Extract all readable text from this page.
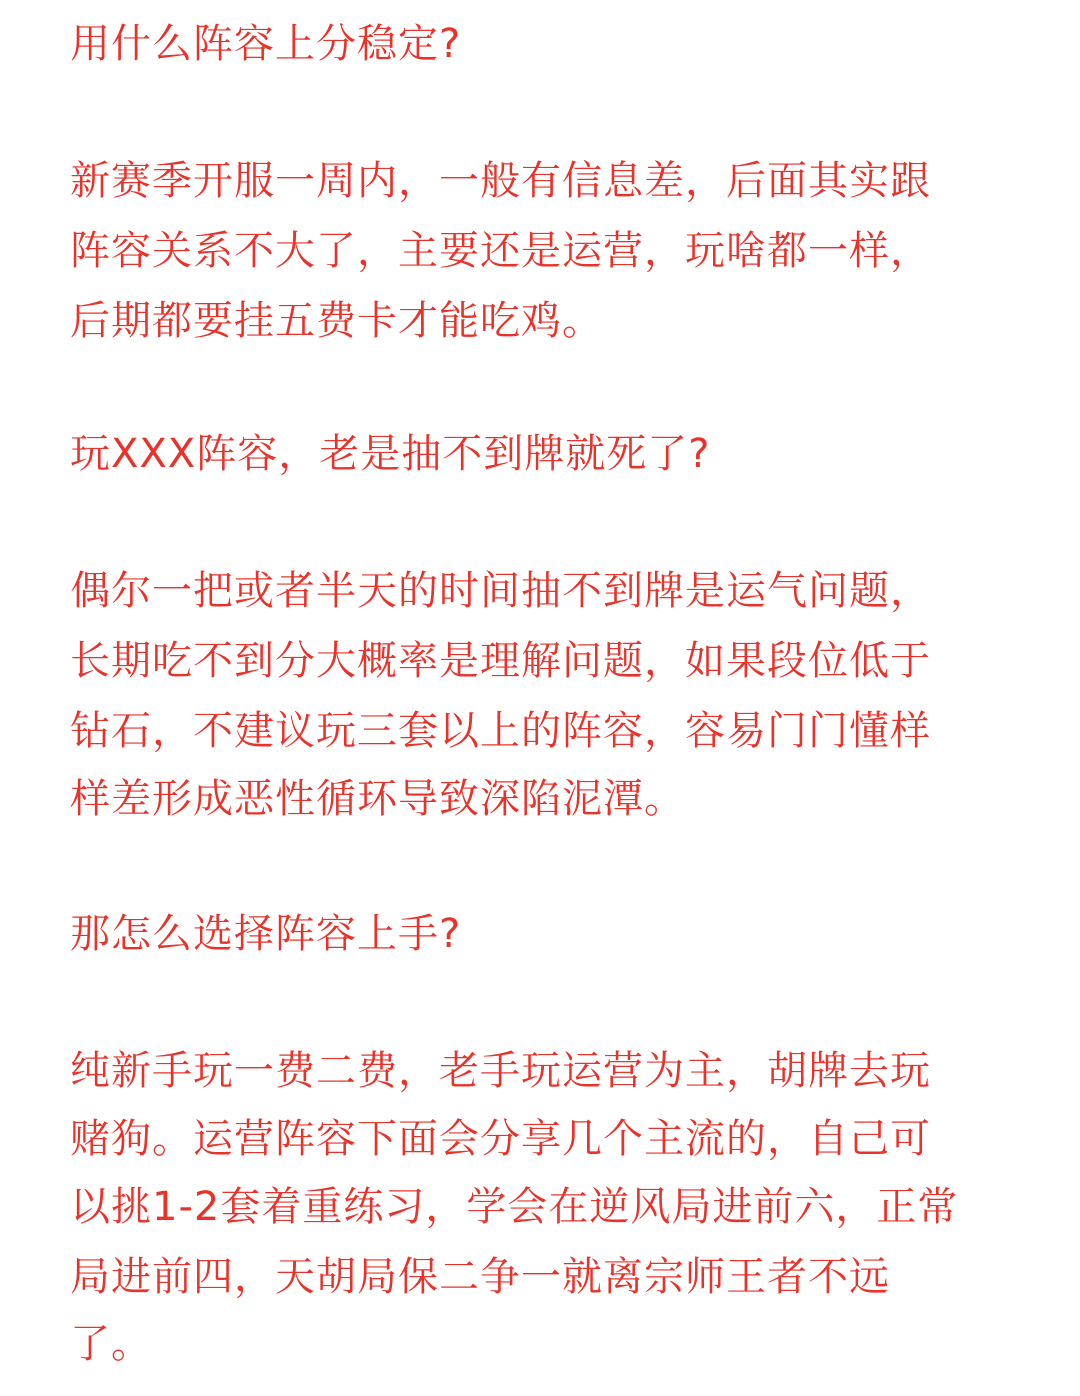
用什么阵容上分稳定?
新赛季开服一周内，一般有信息差，后面其实跟
阵容关系不大了，主要还是运营，玩啥都一样，
后期都要挂五费卡才能吃鸡。
玩XXX阵容，老是抽不到牌就死了?
偶尔一把或者半天的时间抽不到牌是运气问题，
长期吃不到分大概率是理解问题，如果段位低于
钻石，不建议玩三套以上的阵容，容易门门懂样
样差形成恶性循环导致深陷泥潭。
那怎么选择阵容上手?
纯新手玩一费二费，老手玩运营为主，胡牌去玩
赌狗。运营阵容下面会分享几个主流的，自己可
以挑1-2套着重练习，学会在逆风局进前六，正常
局进前四，天胡局保二争一就离宗师王者不远
了。
